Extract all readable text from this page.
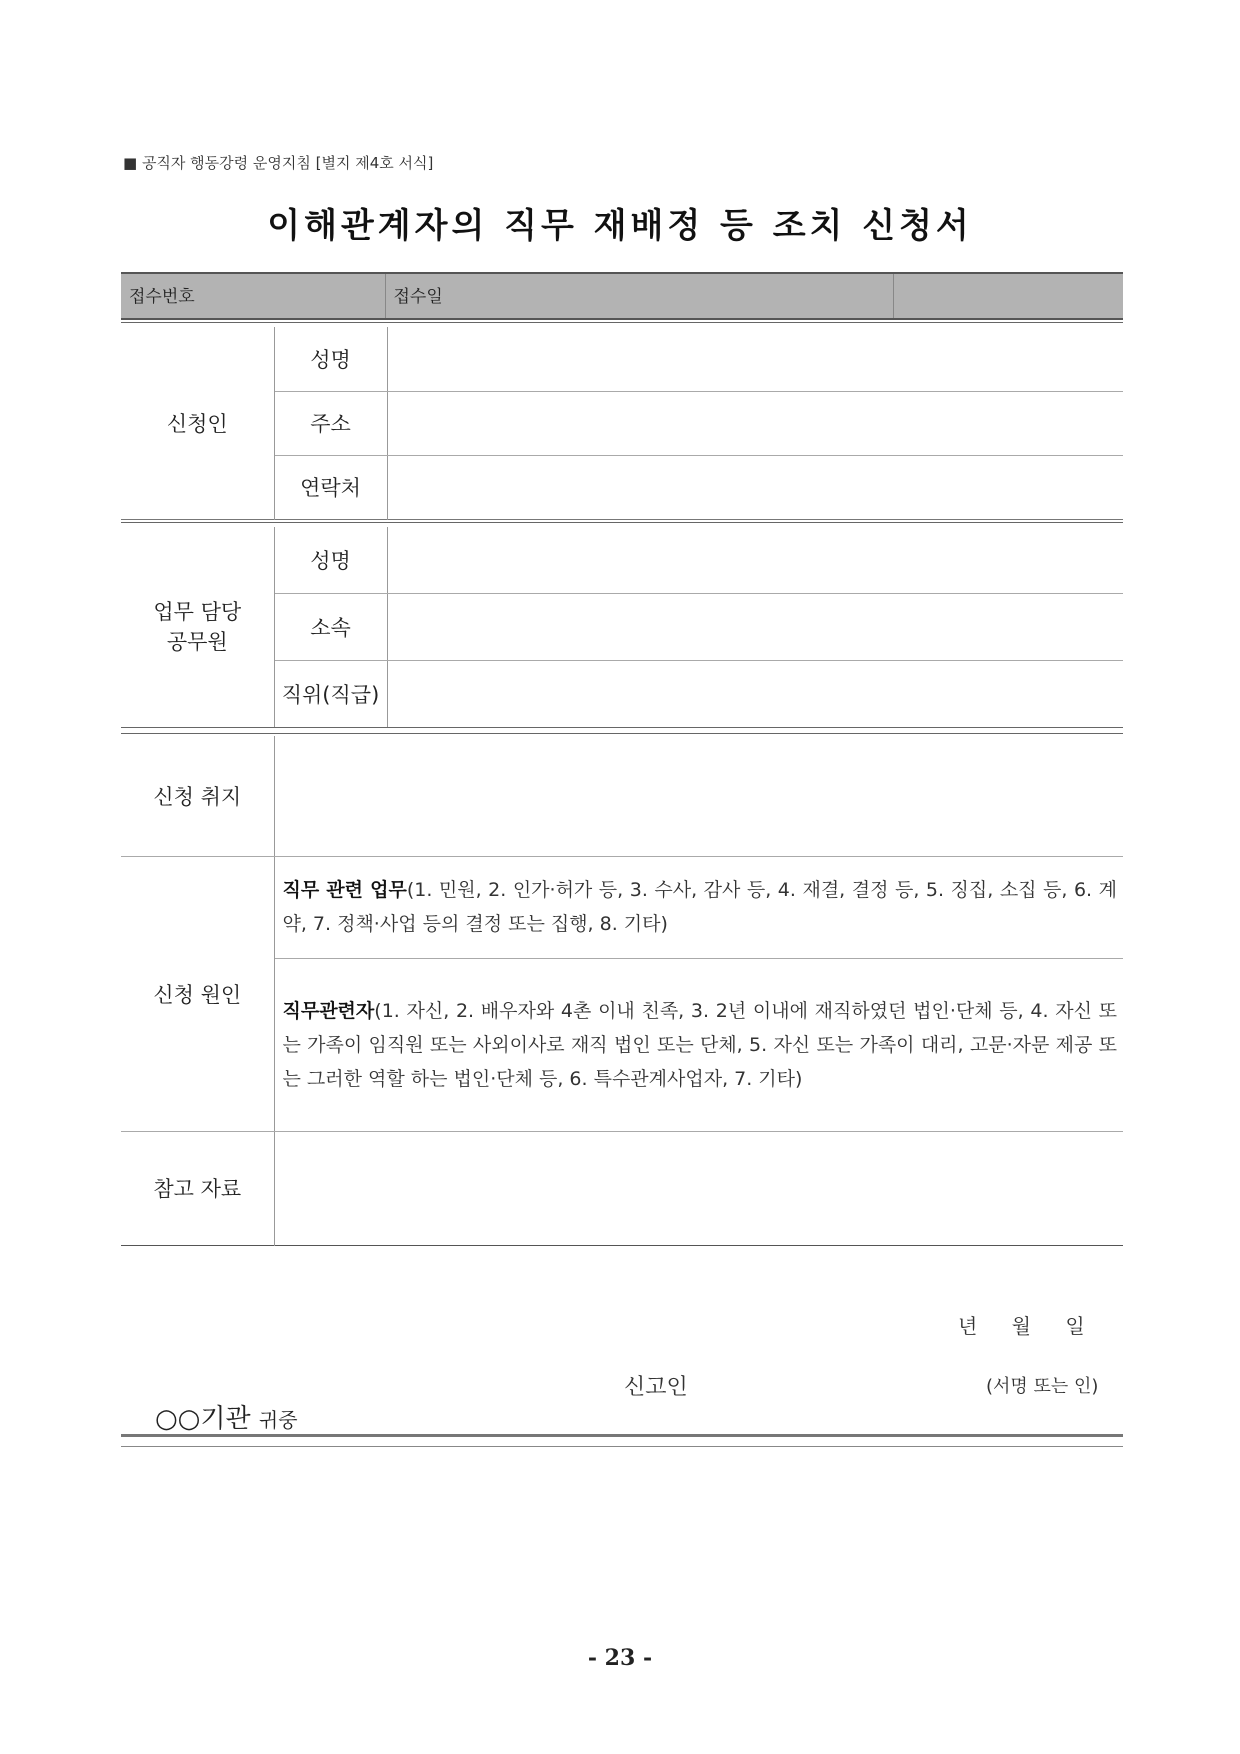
■ 공직자 행동강령 운영지침 [별지 제4호 서식]
이해관계자의 직무 재배정 등 조치 신청서
접수번호	접수일	
신청인	성명	
	주소	
	연락처	
업무 담당
공무원	성명	
	소속	
	직위(직급)	
신청 취지	
신청 원인	직무 관련 업무(1. 민원, 2. 인가·허가 등, 3. 수사, 감사 등, 4. 재결, 결정 등, 5. 징집, 소집 등, 6. 계약, 7. 정책·사업 등의 결정 또는 집행, 8. 기타)
	직무관련자(1. 자신, 2. 배우자와 4촌 이내 친족, 3. 2년 이내에 재직하였던 법인·단체 등, 4. 자신 또는 가족이 임직원 또는 사외이사로 재직 법인 또는 단체, 5. 자신 또는 가족이 대리, 고문·자문 제공 또는 그러한 역할 하는 법인·단체 등, 6. 특수관계사업자, 7. 기타)
참고 자료	
년 월 일
신고인	(서명 또는 인)
○○기관 귀중
- 23 -
